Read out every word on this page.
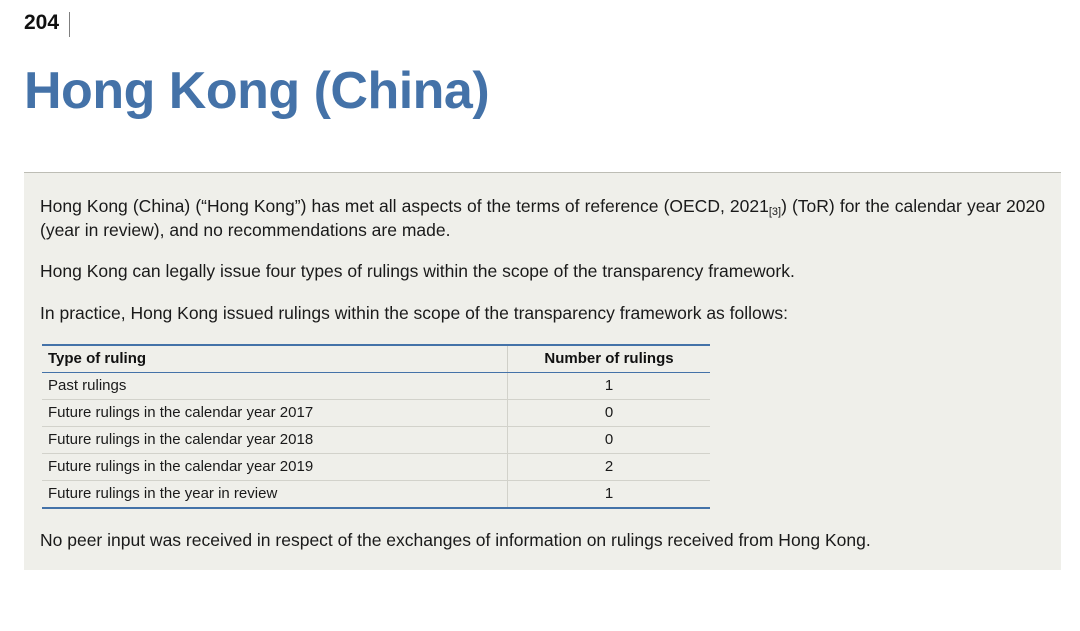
204
Hong Kong (China)

Hong Kong (China) (“Hong Kong”) has met all aspects of the terms of reference (OECD, $2021_{[3]}$) (ToR) for the calendar year 2020 (year in review), and no recommendations are made.

Hong Kong can legally issue four types of rulings within the scope of the transparency framework.

In practice, Hong Kong issued rulings within the scope of the transparency framework as follows:

Type of ruling	Number of rulings
Past rulings	1
Future rulings in the calendar year 2017	0
Future rulings in the calendar year 2018	0
Future rulings in the calendar year 2019	2
Future rulings in the year in review	1

No peer input was received in respect of the exchanges of information on rulings received from Hong Kong.
